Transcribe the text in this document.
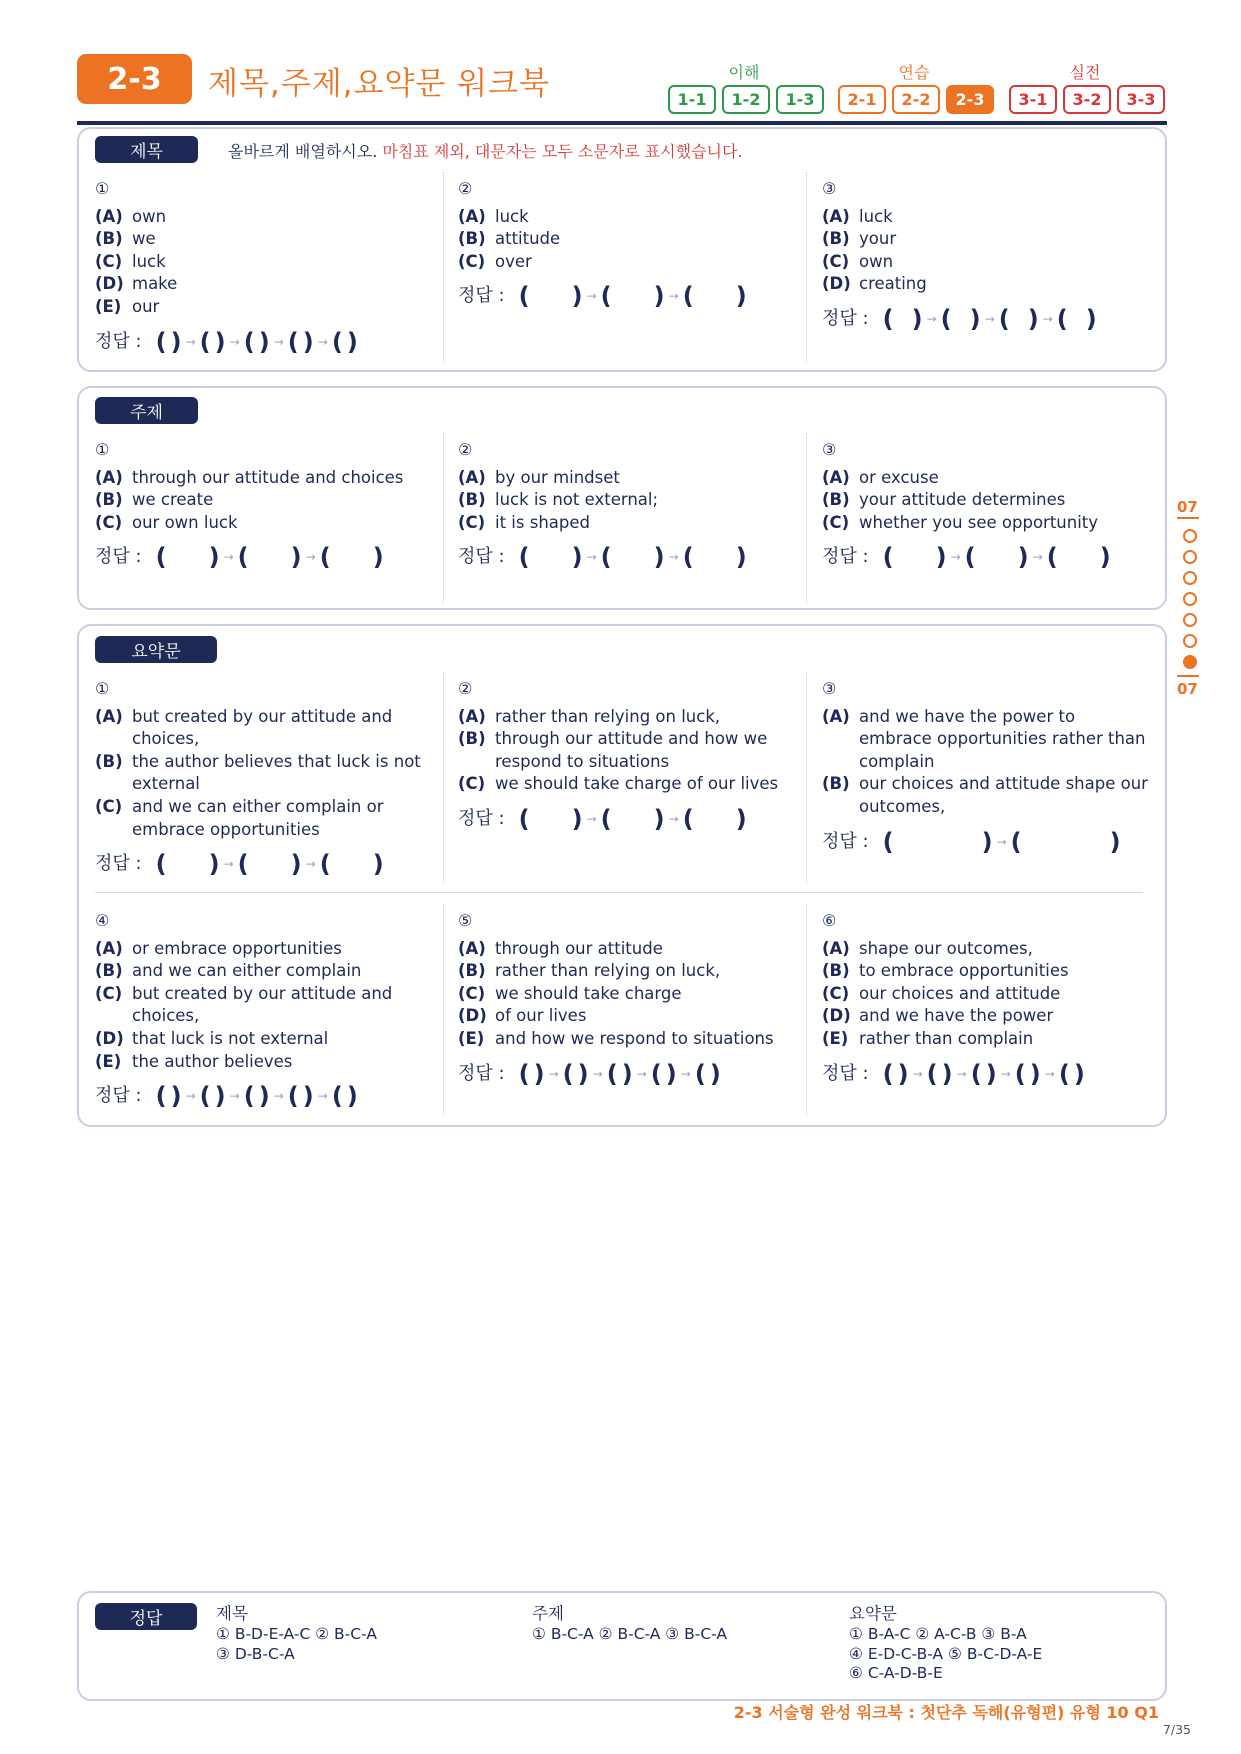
2-3	제목,주제,요약문 워크북	이해	연습	실전
1-1	1-2	1-3	2-1	2-2	2-3	3-1	3-2	3-3
제목	올바르게 배열하시오. 마침표 제외, 대문자는 모두 소문자로 표시했습니다.
①
(A) own
(B) we
(C) luck
(D) make
(E) our
정답 : ( ) → ( ) → ( ) → ( ) → ( )
②
(A) luck
(B) attitude
(C) over
정답 : ( ) → ( ) → ( )
③
(A) luck
(B) your
(C) own
(D) creating
정답 : ( ) → ( ) → ( ) → ( )
주제
①
(A) through our attitude and choices
(B) we create
(C) our own luck
정답 : ( ) → ( ) → ( )
②
(A) by our mindset
(B) luck is not external;
(C) it is shaped
정답 : ( ) → ( ) → ( )
③
(A) or excuse
(B) your attitude determines
(C) whether you see opportunity
정답 : ( ) → ( ) → ( )
요약문
①
(A) but created by our attitude and choices,
(B) the author believes that luck is not external
(C) and we can either complain or embrace opportunities
정답 : ( ) → ( ) → ( )
②
(A) rather than relying on luck,
(B) through our attitude and how we respond to situations
(C) we should take charge of our lives
정답 : ( ) → ( ) → ( )
③
(A) and we have the power to embrace opportunities rather than complain
(B) our choices and attitude shape our outcomes,
정답 : (	) → (	)
④
(A) or embrace opportunities
(B) and we can either complain
(C) but created by our attitude and choices,
(D) that luck is not external
(E) the author believes
정답 : ( ) → ( ) → ( ) → ( ) → ( )
⑤
(A) through our attitude
(B) rather than relying on luck,
(C) we should take charge
(D) of our lives
(E) and how we respond to situations
정답 : ( ) → ( ) → ( ) → ( ) → ( )
⑥
(A) shape our outcomes,
(B) to embrace opportunities
(C) our choices and attitude
(D) and we have the power
(E) rather than complain
정답 : ( ) → ( ) → ( ) → ( ) → ( )
07
07
정답	제목
① B-D-E-A-C ② B-C-A
③ D-B-C-A
주제
① B-C-A ② B-C-A ③ B-C-A
요약문
① B-A-C ② A-C-B ③ B-A
④ E-D-C-B-A ⑤ B-C-D-A-E
⑥ C-A-D-B-E
2-3 서술형 완성 워크북 : 첫단추 독해(유형편) 유형 10 Q1
7/35
